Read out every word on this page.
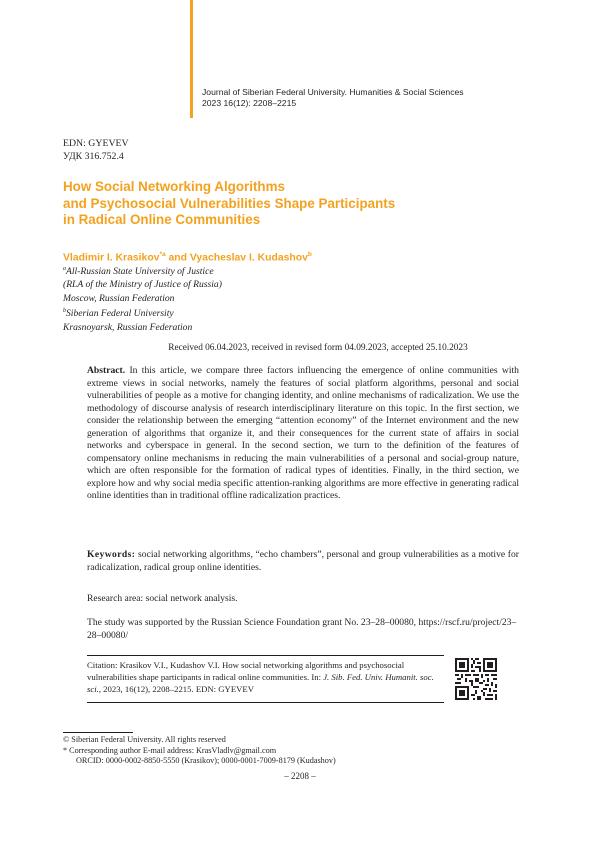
Journal of Siberian Federal University. Humanities & Social Sciences
2023 16(12): 2208–2215
EDN: GYEVEV
УДК 316.752.4
How Social Networking Algorithms
and Psychosocial Vulnerabilities Shape Participants
in Radical Online Communities
Vladimir I. Krasikov$^{*a}$ and Vyacheslav I. Kudashov$^b$
$^a$All-Russian State University of Justice
(RLA of the Ministry of Justice of Russia)
Moscow, Russian Federation
$^b$Siberian Federal University
Krasnoyarsk, Russian Federation
Received 06.04.2023, received in revised form 04.09.2023, accepted 25.10.2023
Abstract. In this article, we compare three factors influencing the emergence of online communities with extreme views in social networks, namely the features of social platform algorithms, personal and social vulnerabilities of people as a motive for changing identity, and online mechanisms of radicalization. We use the methodology of discourse analysis of research interdisciplinary literature on this topic. In the first section, we consider the relationship between the emerging “attention economy” of the Internet environment and the new generation of algorithms that organize it, and their consequences for the current state of affairs in social networks and cyberspace in general. In the second section, we turn to the definition of the features of compensatory online mechanisms in reducing the main vulnerabilities of a personal and social-group nature, which are often responsible for the formation of radical types of identities. Finally, in the third section, we explore how and why social media specific attention-ranking algorithms are more effective in generating radical online identities than in traditional offline radicalization practices.
Keywords: social networking algorithms, “echo chambers”, personal and group vulnerabilities as a motive for radicalization, radical group online identities.
Research area: social network analysis.
The study was supported by the Russian Science Foundation grant No. 23–28–00080, https://rscf.ru/project/23–28–00080/
Citation: Krasikov V.I., Kudashov V.I. How social networking algorithms and psychosocial vulnerabilities shape participants in radical online communities. In: J. Sib. Fed. Univ. Humanit. soc. sci., 2023, 16(12), 2208–2215. EDN: GYEVEV
© Siberian Federal University. All rights reserved
* Corresponding author E-mail address: KrasVladlv@gmail.com
ORCID: 0000-0002-8850-5550 (Krasikov); 0000-0001-7009-8179 (Kudashov)
– 2208 –
